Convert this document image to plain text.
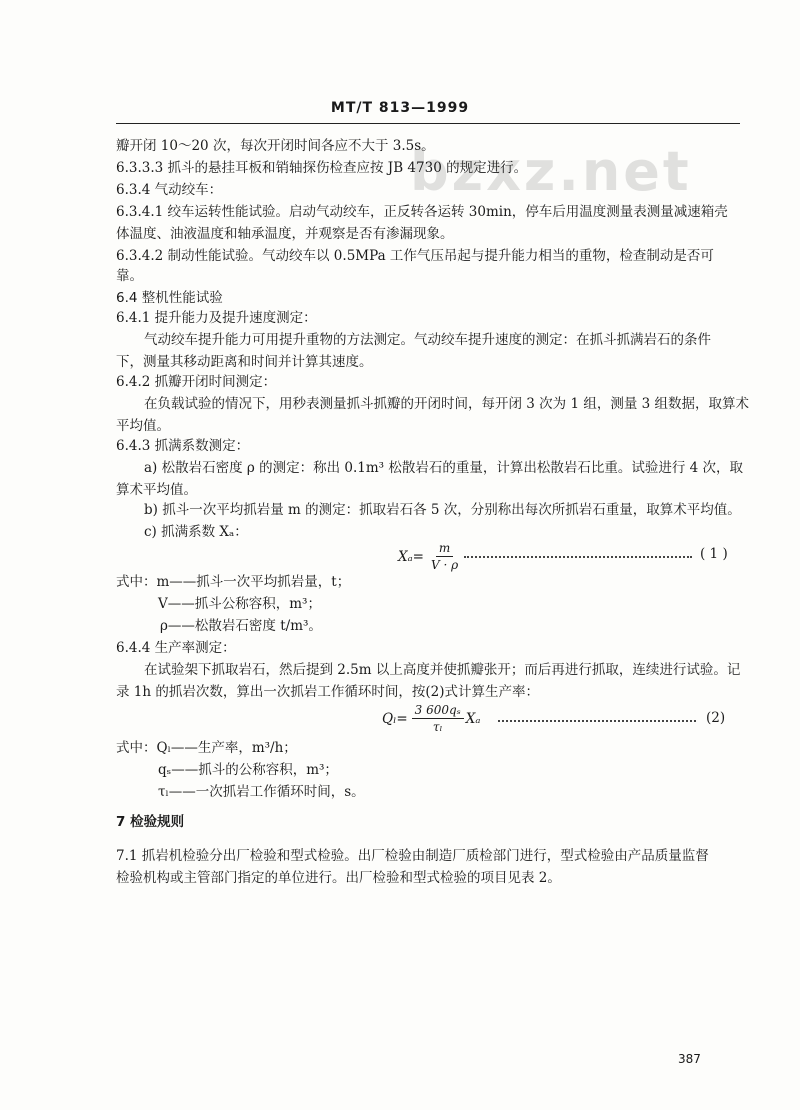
MT/T 813—1999
bzxz.net
瓣开闭 10～20 次，每次开闭时间各应不大于 3.5s。
6.3.3.3 抓斗的悬挂耳板和销轴探伤检查应按 JB 4730 的规定进行。
6.3.4 气动绞车：
6.3.4.1 绞车运转性能试验。启动气动绞车，正反转各运转 30min，停车后用温度测量表测量减速箱壳
体温度、油液温度和轴承温度，并观察是否有渗漏现象。
6.3.4.2 制动性能试验。气动绞车以 0.5MPa 工作气压吊起与提升能力相当的重物，检查制动是否可
靠。
6.4 整机性能试验
6.4.1 提升能力及提升速度测定：
气动绞车提升能力可用提升重物的方法测定。气动绞车提升速度的测定：在抓斗抓满岩石的条件
下，测量其移动距离和时间并计算其速度。
6.4.2 抓瓣开闭时间测定：
在负载试验的情况下，用秒表测量抓斗抓瓣的开闭时间，每开闭 3 次为 1 组，测量 3 组数据，取算术
平均值。
6.4.3 抓满系数测定：
a) 松散岩石密度 ρ 的测定：称出 0.1m³ 松散岩石的重量，计算出松散岩石比重。试验进行 4 次，取
算术平均值。
b) 抓斗一次平均抓岩量 m 的测定：抓取岩石各 5 次，分别称出每次所抓岩石重量，取算术平均值。
c) 抓满系数 Xₐ：
$X_a= \frac{m}{V \cdot \rho}$	( 1 )
式中：m——抓斗一次平均抓岩量，t；
V——抓斗公称容积，m³；
ρ——松散岩石密度 t/m³。
6.4.4 生产率测定：
在试验架下抓取岩石，然后提到 2.5m 以上高度并使抓瓣张开；而后再进行抓取，连续进行试验。记
录 1h 的抓岩次数，算出一次抓岩工作循环时间，按(2)式计算生产率：
$Q_l= \frac{\text{3 600qₛ}}{\text{τₗ}}$ Xₐ	(2)
式中：Qₗ——生产率，m³/h；
qₛ——抓斗的公称容积，m³；
τₗ——一次抓岩工作循环时间，s。
7 检验规则
7.1 抓岩机检验分出厂检验和型式检验。出厂检验由制造厂质检部门进行，型式检验由产品质量监督
检验机构或主管部门指定的单位进行。出厂检验和型式检验的项目见表 2。
387
